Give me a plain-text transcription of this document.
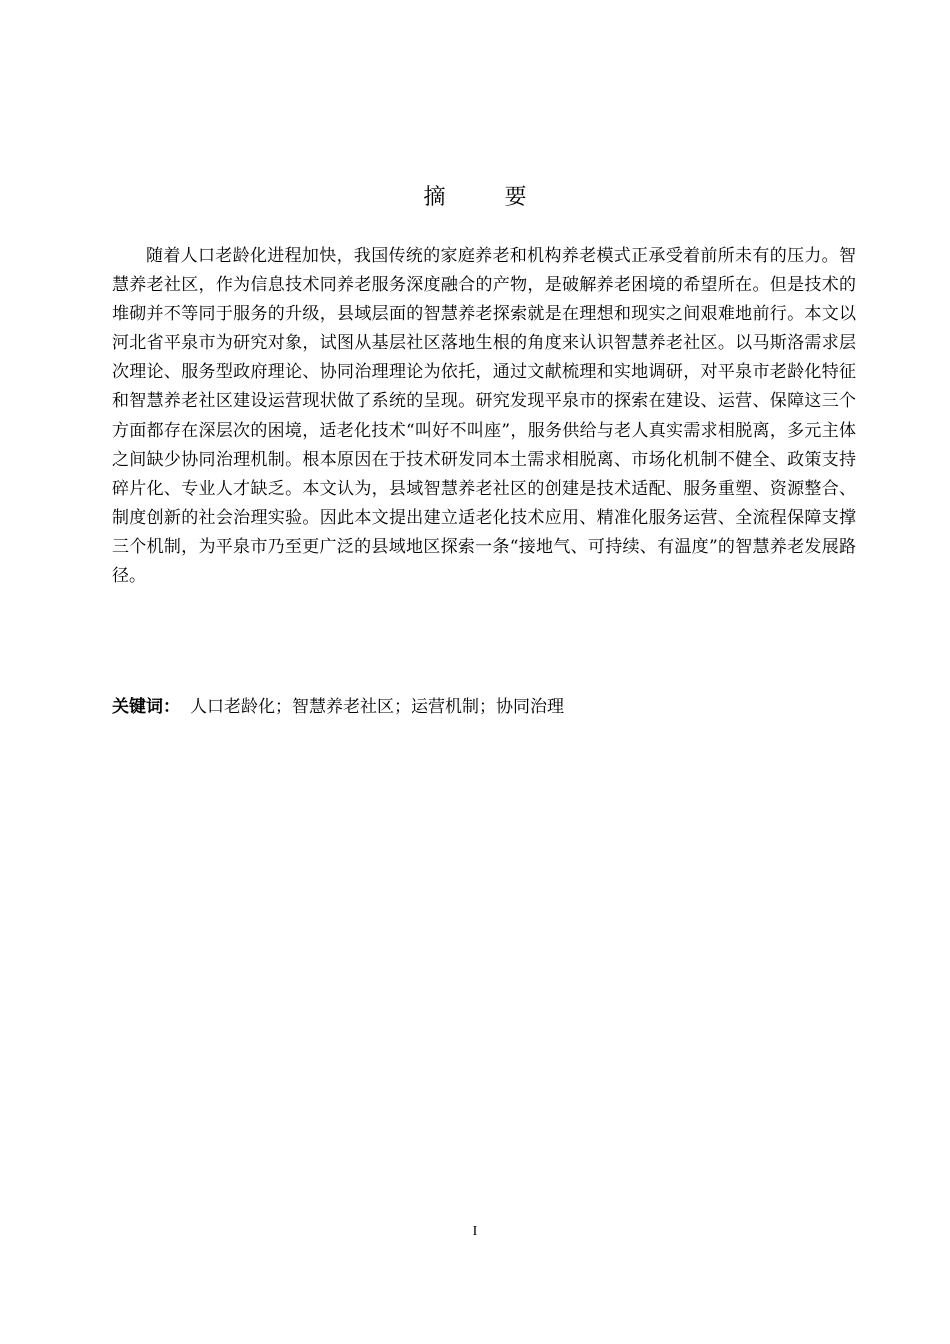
摘 要

随着人口老龄化进程加快，我国传统的家庭养老和机构养老模式正承受着前所未有的压力。智慧养老社区，作为信息技术同养老服务深度融合的产物，是破解养老困境的希望所在。但是技术的堆砌并不等同于服务的升级，县域层面的智慧养老探索就是在理想和现实之间艰难地前行。本文以河北省平泉市为研究对象，试图从基层社区落地生根的角度来认识智慧养老社区。以马斯洛需求层次理论、服务型政府理论、协同治理理论为依托，通过文献梳理和实地调研，对平泉市老龄化特征和智慧养老社区建设运营现状做了系统的呈现。研究发现平泉市的探索在建设、运营、保障这三个方面都存在深层次的困境，适老化技术“叫好不叫座”，服务供给与老人真实需求相脱离，多元主体之间缺少协同治理机制。根本原因在于技术研发同本土需求相脱离、市场化机制不健全、政策支持碎片化、专业人才缺乏。本文认为，县域智慧养老社区的创建是技术适配、服务重塑、资源整合、制度创新的社会治理实验。因此本文提出建立适老化技术应用、精准化服务运营、全流程保障支撑三个机制，为平泉市乃至更广泛的县域地区探索一条“接地气、可持续、有温度”的智慧养老发展路径。

关键词： 人口老龄化；智慧养老社区；运营机制；协同治理

I
